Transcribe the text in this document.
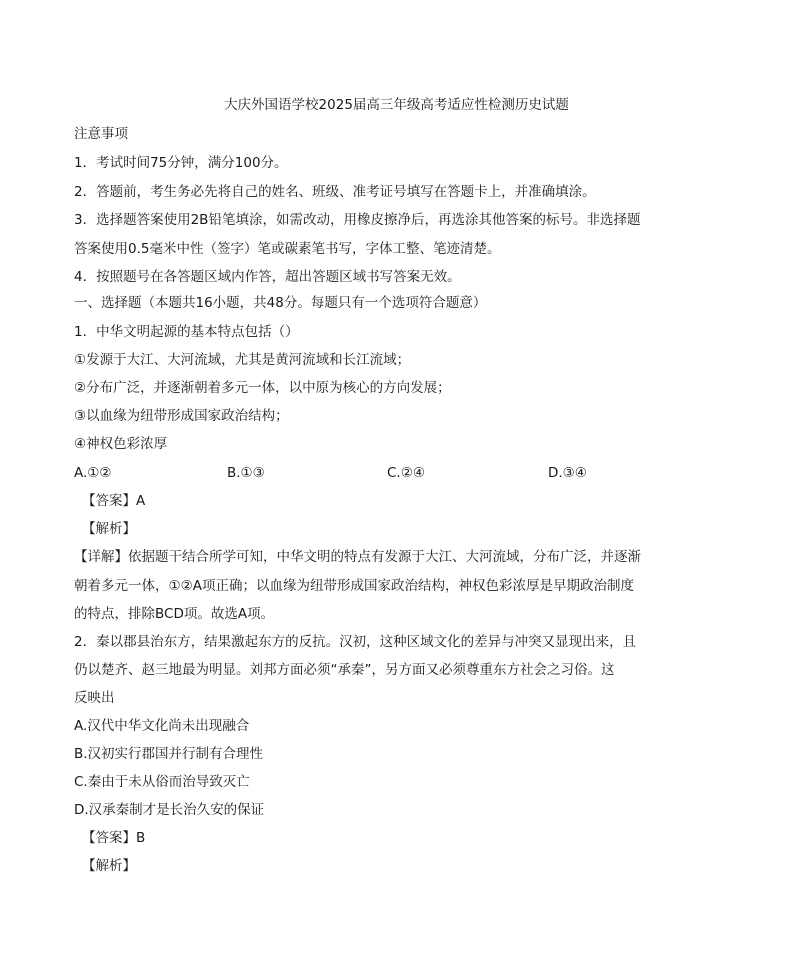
大庆外国语学校2025届高三年级高考适应性检测历史试题
注意事项
1．考试时间75分钟，满分100分。
2．答题前，考生务必先将自己的姓名、班级、准考证号填写在答题卡上，并准确填涂。
3．选择题答案使用2B铅笔填涂，如需改动，用橡皮擦净后，再选涂其他答案的标号。非选择题
答案使用0.5毫米中性（签字）笔或碳素笔书写，字体工整、笔迹清楚。
4．按照题号在各答题区域内作答，超出答题区域书写答案无效。
一、选择题（本题共16小题，共48分。每题只有一个选项符合题意）
1．中华文明起源的基本特点包括（）
①发源于大江、大河流域，尤其是黄河流域和长江流域；
②分布广泛，并逐渐朝着多元一体，以中原为核心的方向发展；
③以血缘为纽带形成国家政治结构；
④神权色彩浓厚
A.①②	B.①③	C.②④	D.③④
【答案】A
【解析】
【详解】依据题干结合所学可知，中华文明的特点有发源于大江、大河流域，分布广泛，并逐渐
朝着多元一体，①②A项正确；以血缘为纽带形成国家政治结构，神权色彩浓厚是早期政治制度
的特点，排除BCD项。故选A项。
2．秦以郡县治东方，结果激起东方的反抗。汉初，这种区域文化的差异与冲突又显现出来，且
仍以楚齐、赵三地最为明显。刘邦方面必须“承秦”，另方面又必须尊重东方社会之习俗。这
反映出
A.汉代中华文化尚未出现融合
B.汉初实行郡国并行制有合理性
C.秦由于未从俗而治导致灭亡
D.汉承秦制才是长治久安的保证
【答案】B
【解析】
